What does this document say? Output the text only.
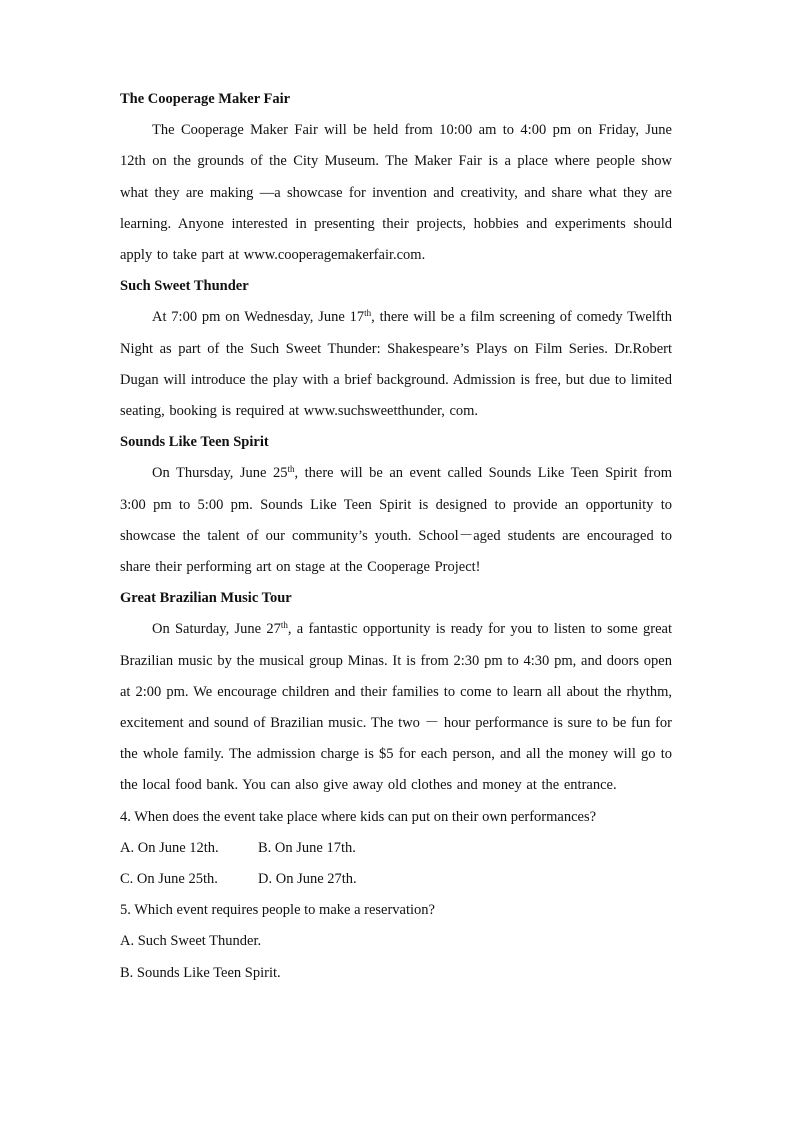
The Cooperage Maker Fair

The Cooperage Maker Fair will be held from 10:00 am to 4:00 pm on Friday, June 12th on the grounds of the City Museum. The Maker Fair is a place where people show what they are making —a showcase for invention and creativity, and share what they are learning. Anyone interested in presenting their projects, hobbies and experiments should apply to take part at www.cooperagemakerfair.com.

Such Sweet Thunder

At 7:00 pm on Wednesday, June 17th, there will be a film screening of comedy Twelfth Night as part of the Such Sweet Thunder: Shakespeare’s Plays on Film Series. Dr.Robert Dugan will introduce the play with a brief background. Admission is free, but due to limited seating, booking is required at www.suchsweetthunder, com.

Sounds Like Teen Spirit

On Thursday, June 25th, there will be an event called Sounds Like Teen Spirit from 3:00 pm to 5:00 pm. Sounds Like Teen Spirit is designed to provide an opportunity to showcase the talent of our community’s youth. School－aged students are encouraged to share their performing art on stage at the Cooperage Project!

Great Brazilian Music Tour

On Saturday, June 27th, a fantastic opportunity is ready for you to listen to some great Brazilian music by the musical group Minas. It is from 2:30 pm to 4:30 pm, and doors open at 2:00 pm. We encourage children and their families to come to learn all about the rhythm, excitement and sound of Brazilian music. The two － hour performance is sure to be fun for the whole family. The admission charge is $5 for each person, and all the money will go to the local food bank. You can also give away old clothes and money at the entrance.

4. When does the event take place where kids can put on their own performances?

A. On June 12th.	B. On June 17th.
C. On June 25th.	D. On June 27th.

5. Which event requires people to make a reservation?

A. Such Sweet Thunder.
B. Sounds Like Teen Spirit.
